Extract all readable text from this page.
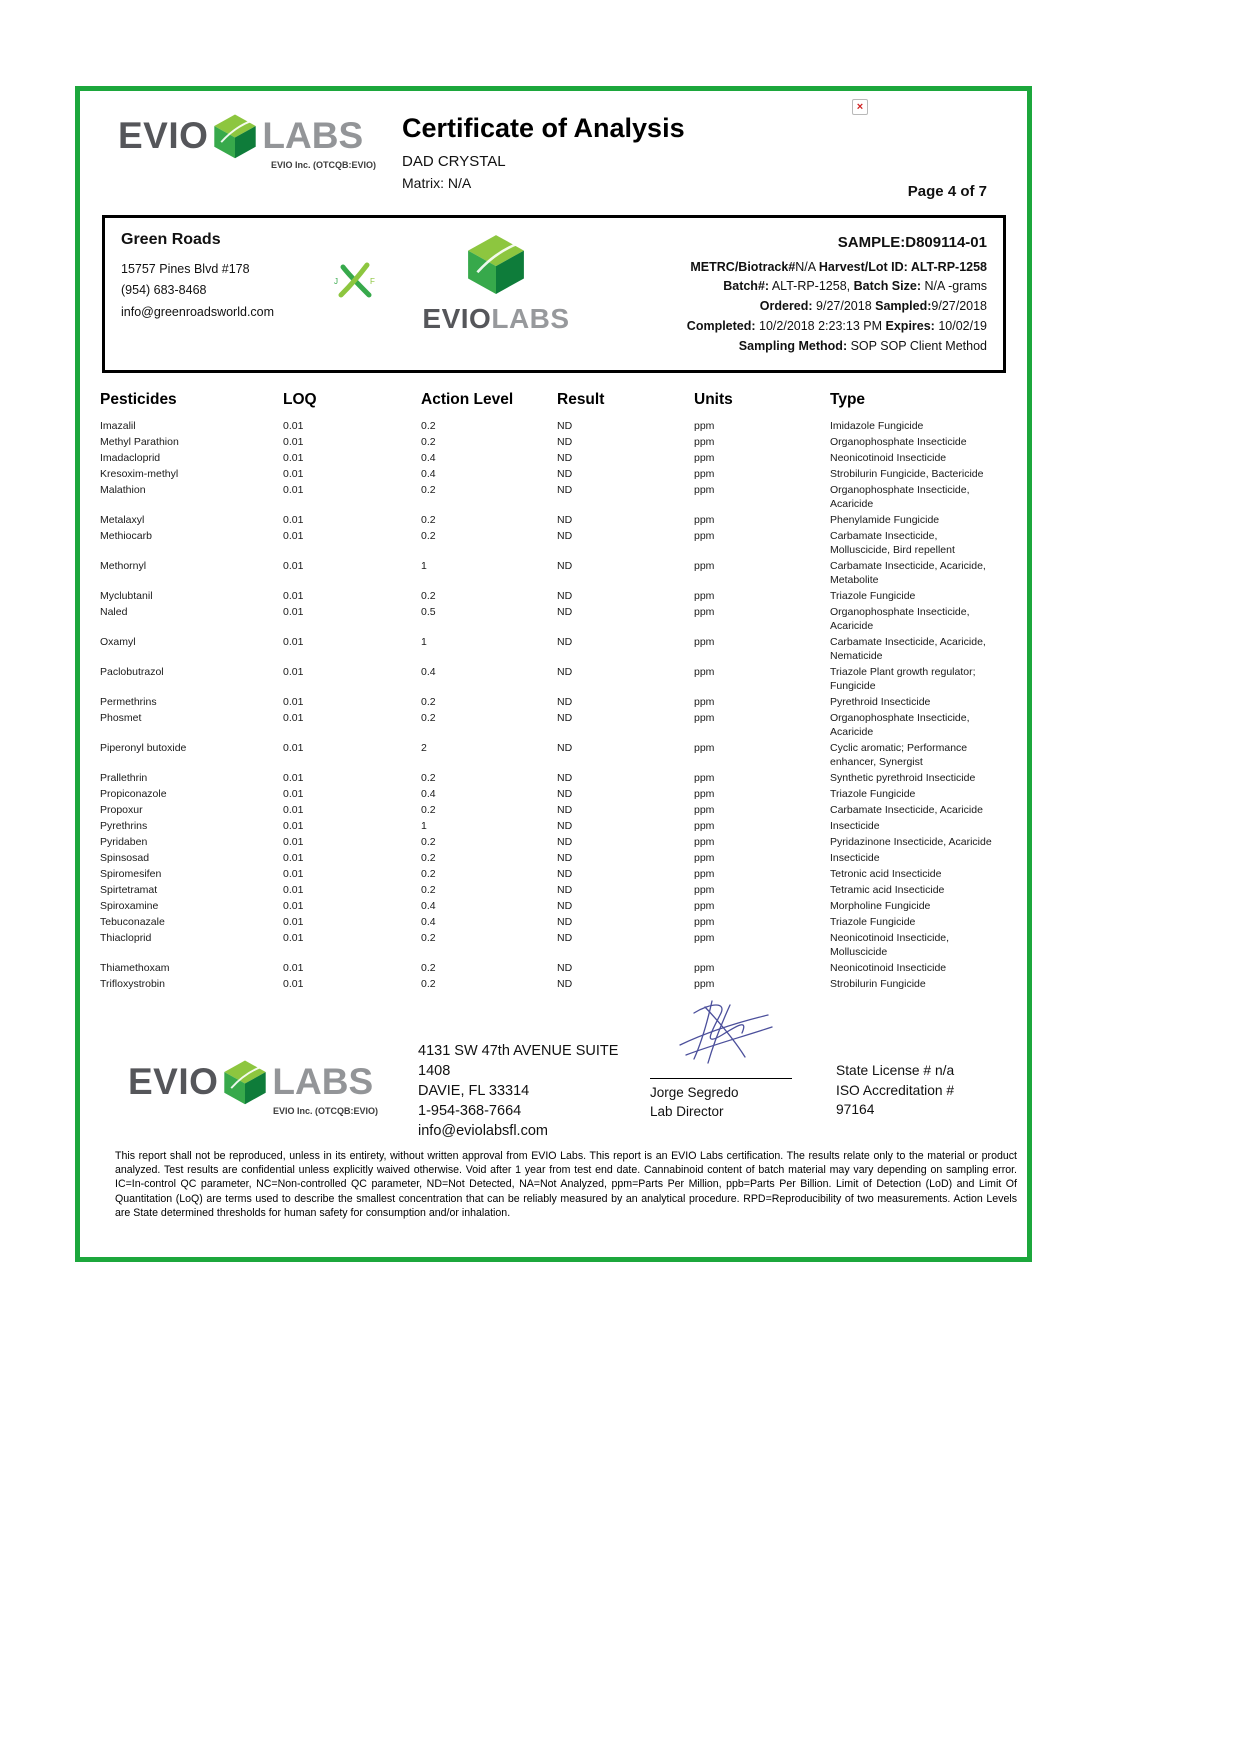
EVIO LABS
EVIO Inc. (OTCQB:EVIO)
Certificate of Analysis
DAD CRYSTAL
Matrix: N/A
×
Page 4 of 7
Green Roads
15757 Pines Blvd #178
(954) 683-8468
info@greenroadsworld.com
J	F
EVIOLABS
SAMPLE:D809114-01
METRC/Biotrack#N/A Harvest/Lot ID: ALT-RP-1258
Batch#: ALT-RP-1258, Batch Size: N/A -grams
Ordered: 9/27/2018 Sampled:9/27/2018
Completed: 10/2/2018 2:23:13 PM Expires: 10/02/19
Sampling Method: SOP SOP Client Method
Pesticides	LOQ	Action Level	Result	Units	Type
Imazalil	0.01	0.2	ND	ppm	Imidazole Fungicide
Methyl Parathion	0.01	0.2	ND	ppm	Organophosphate Insecticide
Imadacloprid	0.01	0.4	ND	ppm	Neonicotinoid Insecticide
Kresoxim-methyl	0.01	0.4	ND	ppm	Strobilurin Fungicide, Bactericide
Malathion	0.01	0.2	ND	ppm	Organophosphate Insecticide, Acaricide
Metalaxyl	0.01	0.2	ND	ppm	Phenylamide Fungicide
Methiocarb	0.01	0.2	ND	ppm	Carbamate Insecticide, Molluscicide, Bird repellent
Methornyl	0.01	1	ND	ppm	Carbamate Insecticide, Acaricide, Metabolite
Myclubtanil	0.01	0.2	ND	ppm	Triazole Fungicide
Naled	0.01	0.5	ND	ppm	Organophosphate Insecticide, Acaricide
Oxamyl	0.01	1	ND	ppm	Carbamate Insecticide, Acaricide, Nematicide
Paclobutrazol	0.01	0.4	ND	ppm	Triazole Plant growth regulator; Fungicide
Permethrins	0.01	0.2	ND	ppm	Pyrethroid Insecticide
Phosmet	0.01	0.2	ND	ppm	Organophosphate Insecticide, Acaricide
Piperonyl butoxide	0.01	2	ND	ppm	Cyclic aromatic; Performance enhancer, Synergist
Prallethrin	0.01	0.2	ND	ppm	Synthetic pyrethroid Insecticide
Propiconazole	0.01	0.4	ND	ppm	Triazole Fungicide
Propoxur	0.01	0.2	ND	ppm	Carbamate Insecticide, Acaricide
Pyrethrins	0.01	1	ND	ppm	Insecticide
Pyridaben	0.01	0.2	ND	ppm	Pyridazinone Insecticide, Acaricide
Spinsosad	0.01	0.2	ND	ppm	Insecticide
Spiromesifen	0.01	0.2	ND	ppm	Tetronic acid Insecticide
Spirtetramat	0.01	0.2	ND	ppm	Tetramic acid Insecticide
Spiroxamine	0.01	0.4	ND	ppm	Morpholine Fungicide
Tebuconazale	0.01	0.4	ND	ppm	Triazole Fungicide
Thiacloprid	0.01	0.2	ND	ppm	Neonicotinoid Insecticide, Molluscicide
Thiamethoxam	0.01	0.2	ND	ppm	Neonicotinoid Insecticide
Trifloxystrobin	0.01	0.2	ND	ppm	Strobilurin Fungicide
EVIO LABS
EVIO Inc. (OTCQB:EVIO)
4131 SW 47th AVENUE SUITE
1408
DAVIE, FL 33314
1-954-368-7664
info@eviolabsfl.com
Jorge Segredo
Lab Director
State License # n/a
ISO Accreditation #
97164

This report shall not be reproduced, unless in its entirety, without written approval from EVIO Labs. This report is an EVIO Labs certification. The results relate only to the material or product analyzed. Test results are confidential unless explicitly waived otherwise. Void after 1 year from test end date. Cannabinoid content of batch material may vary depending on sampling error. IC=In-control QC parameter, NC=Non-controlled QC parameter, ND=Not Detected, NA=Not Analyzed, ppm=Parts Per Million, ppb=Parts Per Billion. Limit of Detection (LoD) and Limit Of Quantitation (LoQ) are terms used to describe the smallest concentration that can be reliably measured by an analytical procedure. RPD=Reproducibility of two measurements. Action Levels are State determined thresholds for human safety for consumption and/or inhalation.
